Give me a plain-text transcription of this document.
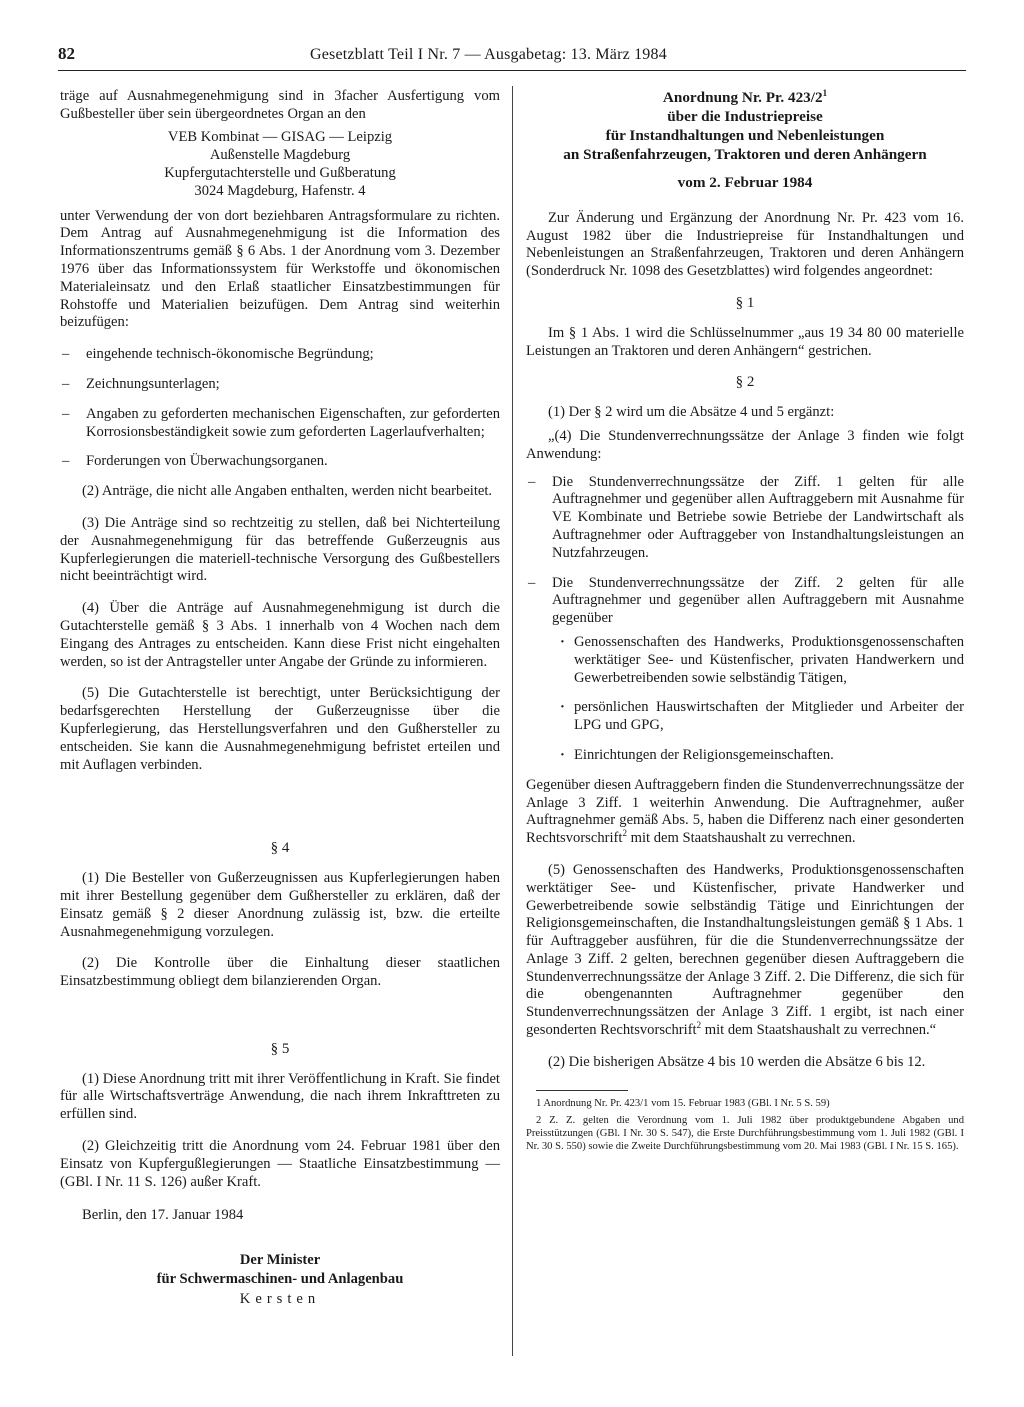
82	Gesetzblatt Teil I Nr. 7 — Ausgabetag: 13. März 1984

träge auf Ausnahmegenehmigung sind in 3facher Ausfertigung vom Gußbesteller über sein übergeordnetes Organ an den

VEB Kombinat — GISAG — Leipzig
Außenstelle Magdeburg
Kupfergutachterstelle und Gußberatung
3024 Magdeburg, Hafenstr. 4

unter Verwendung der von dort beziehbaren Antragsformulare zu richten. Dem Antrag auf Ausnahmegenehmigung ist die Information des Informationszentrums gemäß § 6 Abs. 1 der Anordnung vom 3. Dezember 1976 über das Informationssystem für Werkstoffe und ökonomischen Materialeinsatz und den Erlaß staatlicher Einsatzbestimmungen für Rohstoffe und Materialien beizufügen. Dem Antrag sind weiterhin beizufügen:

– eingehende technisch-ökonomische Begründung;
– Zeichnungsunterlagen;
– Angaben zu geforderten mechanischen Eigenschaften, zur geforderten Korrosionsbeständigkeit sowie zum geforderten Lagerlaufverhalten;
– Forderungen von Überwachungsorganen.

(2) Anträge, die nicht alle Angaben enthalten, werden nicht bearbeitet.

(3) Die Anträge sind so rechtzeitig zu stellen, daß bei Nichterteilung der Ausnahmegenehmigung für das betreffende Gußerzeugnis aus Kupferlegierungen die materiell-technische Versorgung des Gußbestellers nicht beeinträchtigt wird.

(4) Über die Anträge auf Ausnahmegenehmigung ist durch die Gutachterstelle gemäß § 3 Abs. 1 innerhalb von 4 Wochen nach dem Eingang des Antrages zu entscheiden. Kann diese Frist nicht eingehalten werden, so ist der Antragsteller unter Angabe der Gründe zu informieren.

(5) Die Gutachterstelle ist berechtigt, unter Berücksichtigung der bedarfsgerechten Herstellung der Gußerzeugnisse über die Kupferlegierung, das Herstellungsverfahren und den Gußhersteller zu entscheiden. Sie kann die Ausnahmegenehmigung befristet erteilen und mit Auflagen verbinden.

§ 4

(1) Die Besteller von Gußerzeugnissen aus Kupferlegierungen haben mit ihrer Bestellung gegenüber dem Gußhersteller zu erklären, daß der Einsatz gemäß § 2 dieser Anordnung zulässig ist, bzw. die erteilte Ausnahmegenehmigung vorzulegen.

(2) Die Kontrolle über die Einhaltung dieser staatlichen Einsatzbestimmung obliegt dem bilanzierenden Organ.

§ 5

(1) Diese Anordnung tritt mit ihrer Veröffentlichung in Kraft. Sie findet für alle Wirtschaftsverträge Anwendung, die nach ihrem Inkrafttreten zu erfüllen sind.

(2) Gleichzeitig tritt die Anordnung vom 24. Februar 1981 über den Einsatz von Kupfergußlegierungen — Staatliche Einsatzbestimmung — (GBl. I Nr. 11 S. 126) außer Kraft.

Berlin, den 17. Januar 1984

Der Minister
für Schwermaschinen- und Anlagenbau
Kersten
Anordnung Nr. Pr. $423/2^1$
über die Industriepreise
für Instandhaltungen und Nebenleistungen
an Straßenfahrzeugen, Traktoren und deren Anhängern
vom 2. Februar 1984

Zur Änderung und Ergänzung der Anordnung Nr. Pr. 423 vom 16. August 1982 über die Industriepreise für Instandhaltungen und Nebenleistungen an Straßenfahrzeugen, Traktoren und deren Anhängern (Sonderdruck Nr. 1098 des Gesetzblattes) wird folgendes angeordnet:

§ 1

Im § 1 Abs. 1 wird die Schlüsselnummer „aus 19 34 80 00 materielle Leistungen an Traktoren und deren Anhängern“ gestrichen.

§ 2

(1) Der § 2 wird um die Absätze 4 und 5 ergänzt:

„(4) Die Stundenverrechnungssätze der Anlage 3 finden wie folgt Anwendung:

– Die Stundenverrechnungssätze der Ziff. 1 gelten für alle Auftragnehmer und gegenüber allen Auftraggebern mit Ausnahme für VE Kombinate und Betriebe sowie Betriebe der Landwirtschaft als Auftragnehmer oder Auftraggeber von Instandhaltungsleistungen an Nutzfahrzeugen.
– Die Stundenverrechnungssätze der Ziff. 2 gelten für alle Auftragnehmer und gegenüber allen Auftraggebern mit Ausnahme gegenüber
· Genossenschaften des Handwerks, Produktionsgenossenschaften werktätiger See- und Küstenfischer, privaten Handwerkern und Gewerbetreibenden sowie selbständig Tätigen,
· persönlichen Hauswirtschaften der Mitglieder und Arbeiter der LPG und GPG,
· Einrichtungen der Religionsgemeinschaften.

Gegenüber diesen Auftraggebern finden die Stundenverrechnungssätze der Anlage 3 Ziff. 1 weiterhin Anwendung. Die Auftragnehmer, außer Auftragnehmer gemäß Abs. 5, haben die Differenz nach einer gesonderten Rechtsvorschrift$^2$ mit dem Staatshaushalt zu verrechnen.

(5) Genossenschaften des Handwerks, Produktionsgenossenschaften werktätiger See- und Küstenfischer, private Handwerker und Gewerbetreibende sowie selbständig Tätige und Einrichtungen der Religionsgemeinschaften, die Instandhaltungsleistungen gemäß § 1 Abs. 1 für Auftraggeber ausführen, für die die Stundenverrechnungssätze der Anlage 3 Ziff. 2 gelten, berechnen gegenüber diesen Auftraggebern die Stundenverrechnungssätze der Anlage 3 Ziff. 2. Die Differenz, die sich für die obengenannten Auftragnehmer gegenüber den Stundenverrechnungssätzen der Anlage 3 Ziff. 1 ergibt, ist nach einer gesonderten Rechtsvorschrift$^2$ mit dem Staatshaushalt zu verrechnen.“

(2) Die bisherigen Absätze 4 bis 10 werden die Absätze 6 bis 12.

1 Anordnung Nr. Pr. 423/1 vom 15. Februar 1983 (GBl. I Nr. 5 S. 59)

2 Z. Z. gelten die Verordnung vom 1. Juli 1982 über produktgebundene Abgaben und Preisstützungen (GBl. I Nr. 30 S. 547), die Erste Durchführungsbestimmung vom 1. Juli 1982 (GBl. I Nr. 30 S. 550) sowie die Zweite Durchführungsbestimmung vom 20. Mai 1983 (GBl. I Nr. 15 S. 165).
